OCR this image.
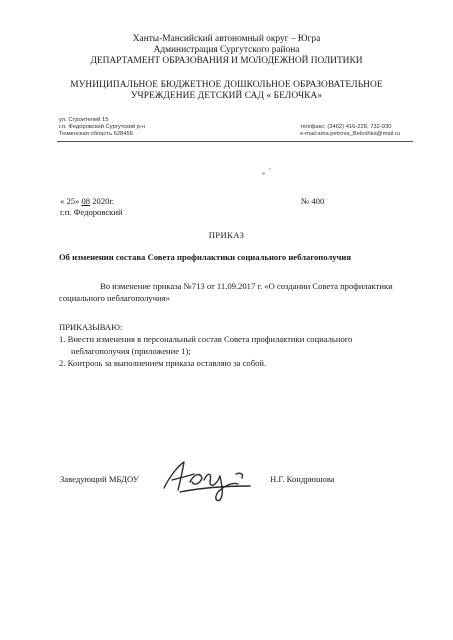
Ханты-Мансийский автономный округ – Югра
Администрация Сургутского района
ДЕПАРТАМЕНТ ОБРАЗОВАНИЯ И МОЛОДЕЖНОЙ ПОЛИТИКИ
МУНИЦИПАЛЬНОЕ БЮДЖЕТНОЕ ДОШКОЛЬНОЕ ОБРАЗОВАТЕЛЬНОЕ
УЧРЕЖДЕНИЕ ДЕТСКИЙ САД « БЕЛОЧКА»
ул. Строителей 15
г.п. Федоровский Сургутский р-н
Тюменская область 628456
тел/факс: (3462) 416-228, 732-930
e-mail:ama.petrova_Beloshka@mail.ru
« 25» 08 2020г.
г.п. Федоровский
№ 400
ПРИКАЗ
Об изменении состава Совета профилактики социального неблагополучия
Во изменение приказа №713 от 11.09.2017 г. «О создании Совета профилактики
социального неблагополучия»
ПРИКАЗЫВАЮ:
1. Внести изменения в персональный состав Совета профилактики социального
неблагополучия (приложение 1);
2. Контроль за выполнением приказа оставляю за собой.
Заведующий МБДОУ	Н.Г. Кондрюшова
